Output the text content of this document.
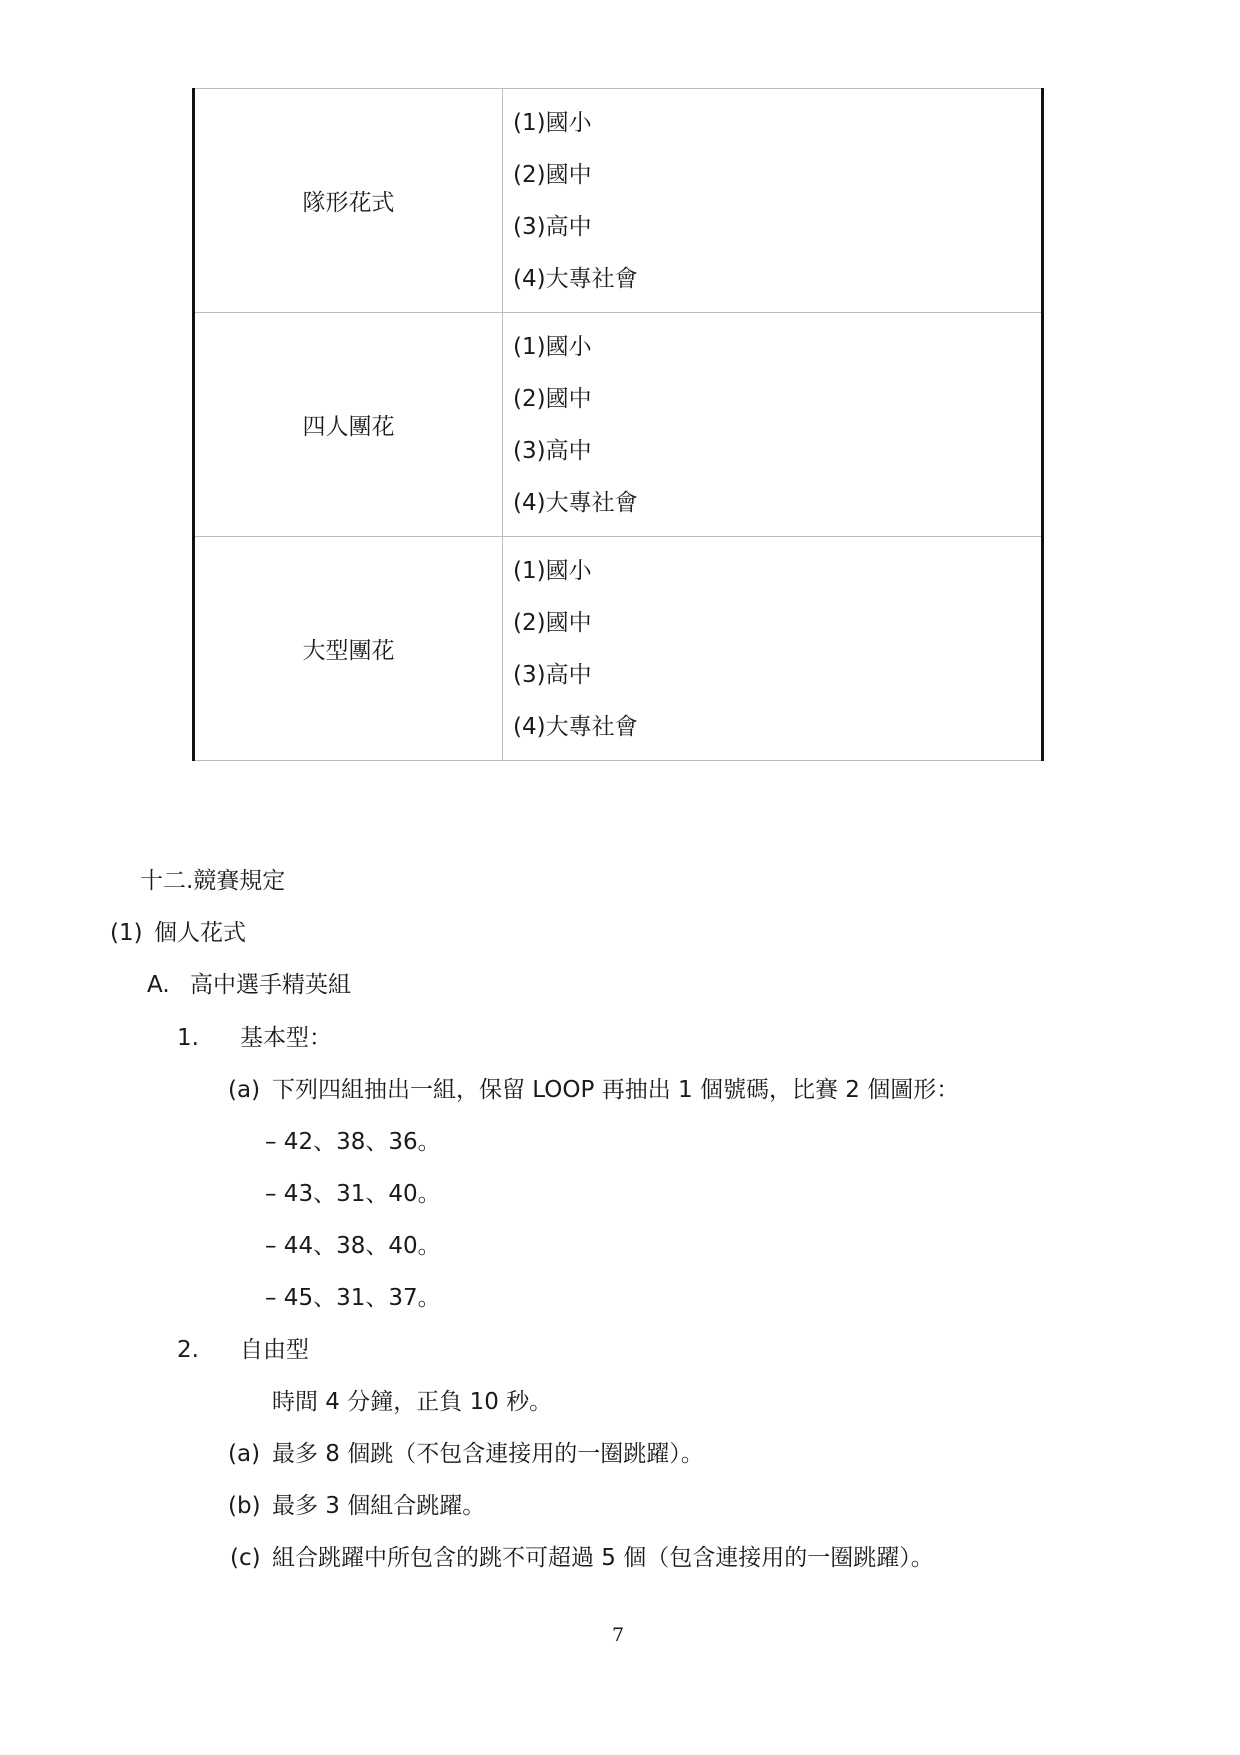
隊形花式	(1)國小
(2)國中
(3)高中
(4)大專社會

四人團花	(1)國小
(2)國中
(3)高中
(4)大專社會

大型團花	(1)國小
(2)國中
(3)高中
(4)大專社會
十二.競賽規定
(1) 個人花式
A. 高中選手精英組
1. 基本型：
(a) 下列四組抽出一組，保留 LOOP 再抽出 1 個號碼，比賽 2 個圖形：
– 42、38、36。
– 43、31、40。
– 44、38、40。
– 45、31、37。
2. 自由型
時間 4 分鐘，正負 10 秒。
(a) 最多 8 個跳（不包含連接用的一圈跳躍）。
(b) 最多 3 個組合跳躍。
(c) 組合跳躍中所包含的跳不可超過 5 個（包含連接用的一圈跳躍）。
7
